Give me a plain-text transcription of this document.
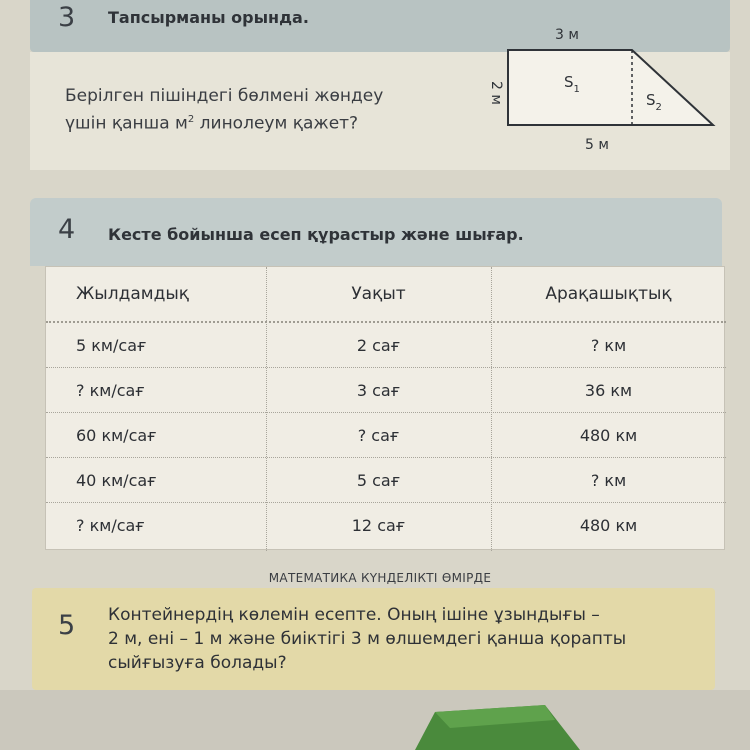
3 Тапсырманы орында.
Берілген пішіндегі бөлмені жөндеу
үшін қанша $м^2$ линолеум қажет?
3 м
2 м
5 м
$S_1$
$S_2$
4 Кесте бойынша есеп құрастыр және шығар.
Жылдамдық	Уақыт	Арақашықтық
5 км/сағ	2 сағ	? км
? км/сағ	3 сағ	36 км
60 км/сағ	? сағ	480 км
40 км/сағ	5 сағ	? км
? км/сағ	12 сағ	480 км
МАТЕМАТИКА КҮНДЕЛІКТІ ӨМІРДЕ
5 Контейнердің көлемін есепте. Оның ішіне ұзындығы –
2 м, ені – 1 м және биіктігі 3 м өлшемдегі қанша қорапты
сыйғызуға болады?
